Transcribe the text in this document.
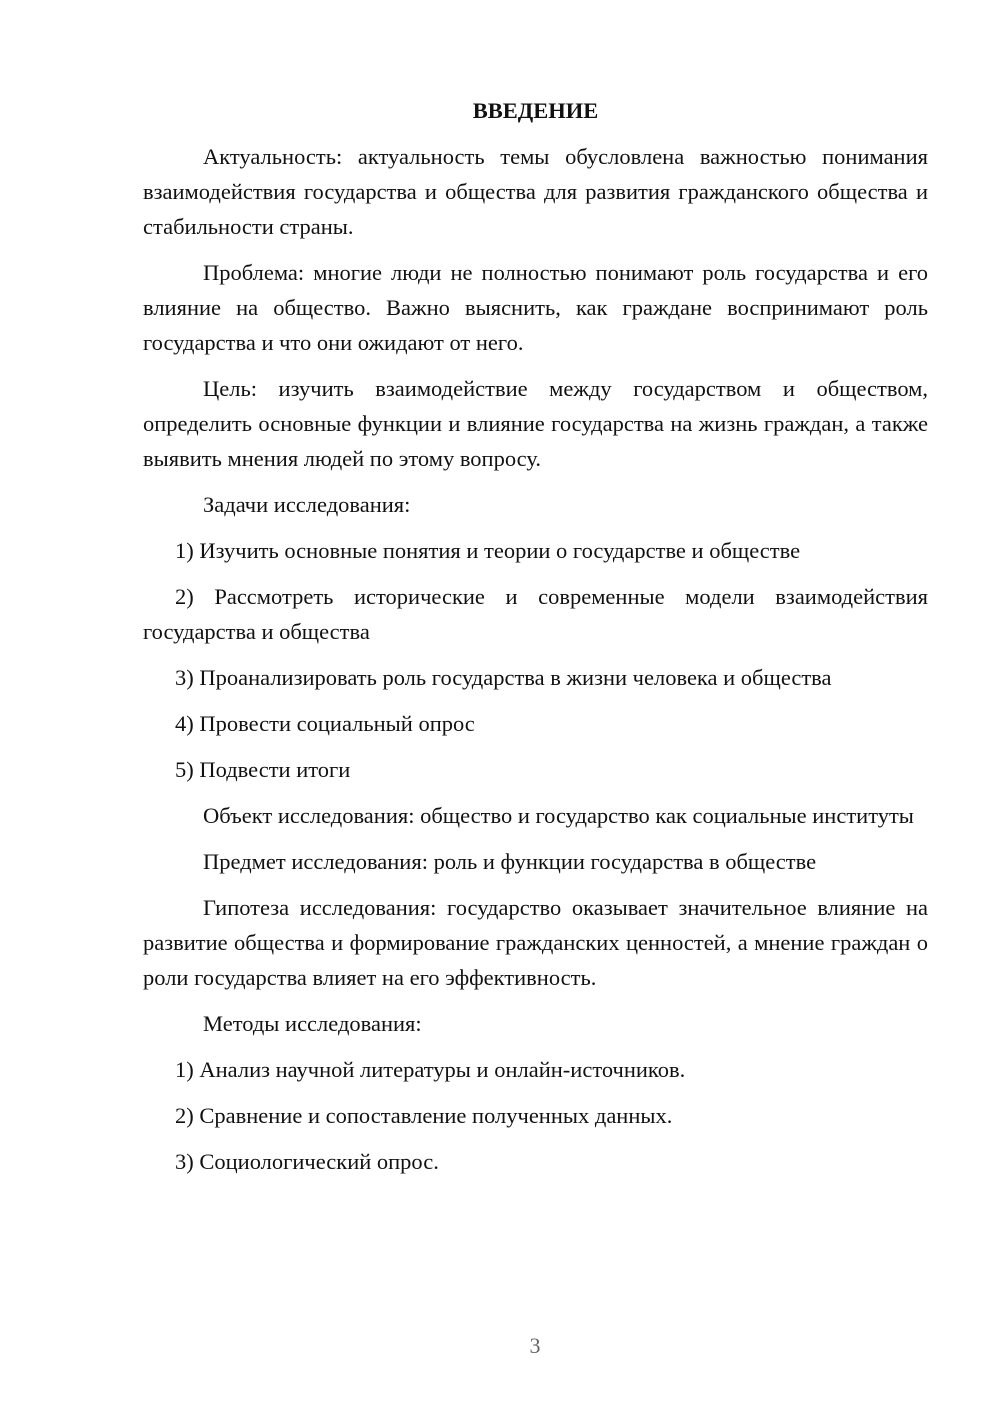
ВВЕДЕНИЕ
Актуальность: актуальность темы обусловлена важностью понимания взаимодействия государства и общества для развития гражданского общества и стабильности страны.
Проблема: многие люди не полностью понимают роль государства и его влияние на общество. Важно выяснить, как граждане воспринимают роль государства и что они ожидают от него.
Цель: изучить взаимодействие между государством и обществом, определить основные функции и влияние государства на жизнь граждан, а также выявить мнения людей по этому вопросу.
Задачи исследования:
1) Изучить основные понятия и теории о государстве и обществе
2) Рассмотреть исторические и современные модели взаимодействия государства и общества
3) Проанализировать роль государства в жизни человека и общества
4) Провести социальный опрос
5) Подвести итоги
Объект исследования: общество и государство как социальные институты
Предмет исследования: роль и функции государства в обществе
Гипотеза исследования: государство оказывает значительное влияние на развитие общества и формирование гражданских ценностей, а мнение граждан о роли государства влияет на его эффективность.
Методы исследования:
1) Анализ научной литературы и онлайн-источников.
2) Сравнение и сопоставление полученных данных.
3) Социологический опрос.
3
